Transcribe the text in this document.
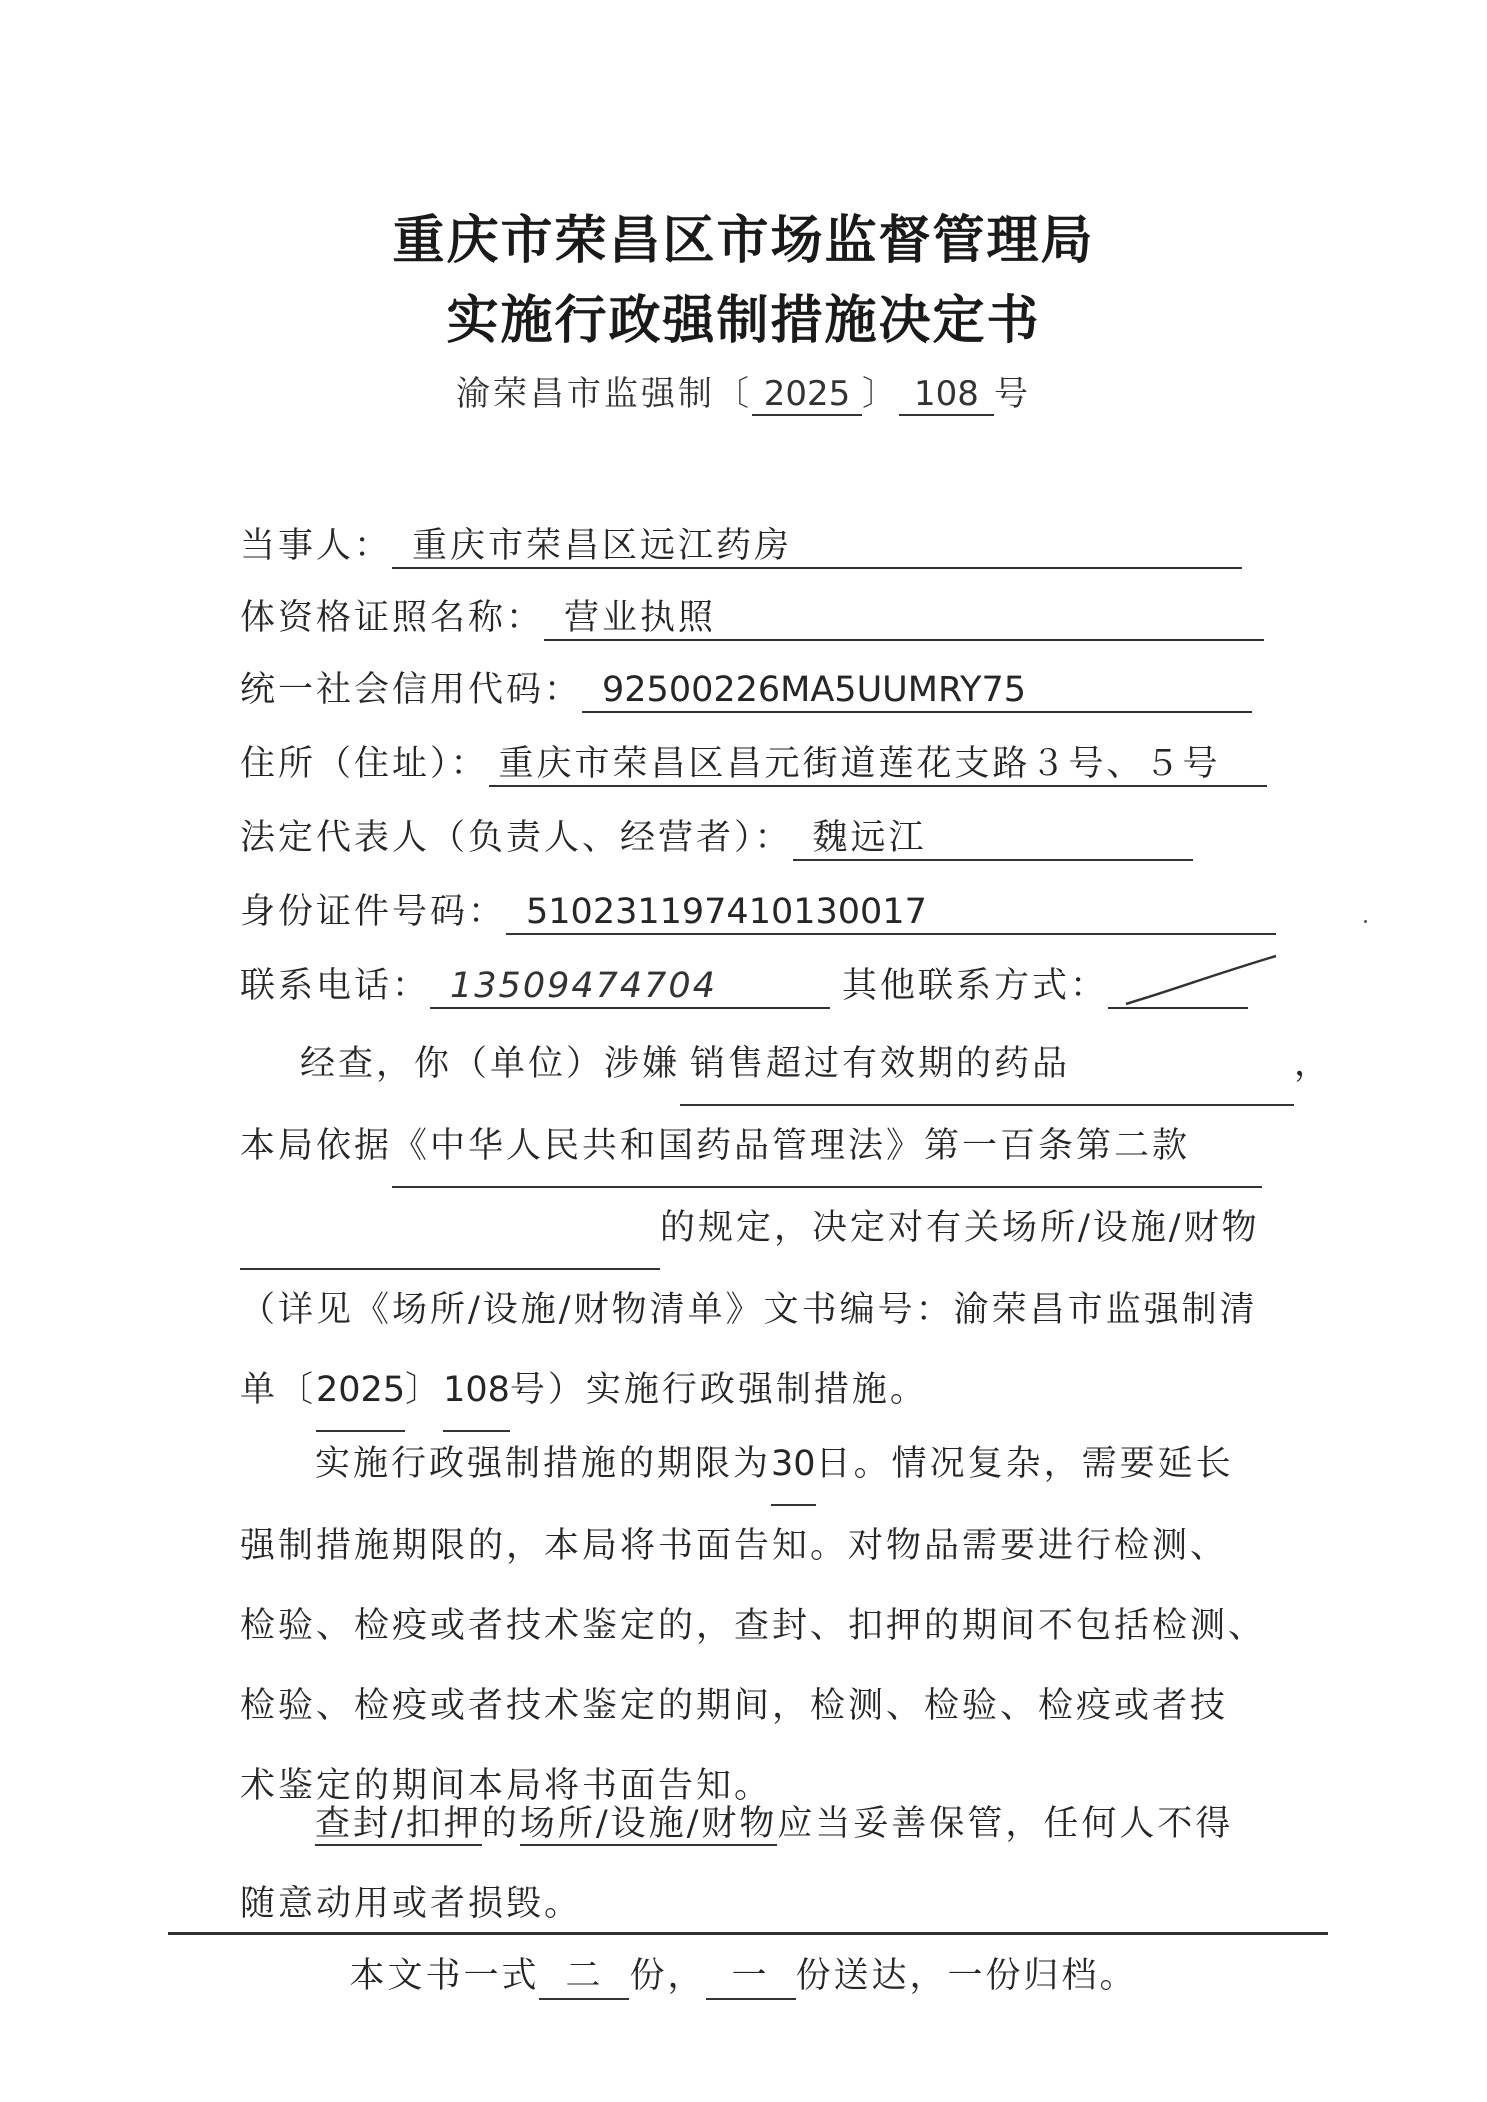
重庆市荣昌区市场监督管理局
实施行政强制措施决定书
渝荣昌市监强制〔 2025 〕 108 号
当事人： 重庆市荣昌区远江药房
体资格证照名称： 营业执照
统一社会信用代码： 92500226MA5UUMRY75
住所（住址）： 重庆市荣昌区昌元街道莲花支路３号、５号
法定代表人（负责人、经营者）： 魏远江
身份证件号码： 510231197410130017
联系电话： 13509474704	其他联系方式：
经查，你（单位）涉嫌 销售超过有效期的药品	，
本局依据《中华人民共和国药品管理法》第一百条第二款
的规定，决定对有关场所/设施/财物
（详见《场所/设施/财物清单》文书编号：渝荣昌市监强制清
单〔2025〕108号）实施行政强制措施。
实施行政强制措施的期限为30日。情况复杂，需要延长
强制措施期限的，本局将书面告知。对物品需要进行检测、
检验、检疫或者技术鉴定的，查封、扣押的期间不包括检测、
检验、检疫或者技术鉴定的期间，检测、检验、检疫或者技
术鉴定的期间本局将书面告知。
查封/扣押的场所/设施/财物应当妥善保管，任何人不得
随意动用或者损毁。
本文书一式 二 份， 一 份送达，一份归档。
